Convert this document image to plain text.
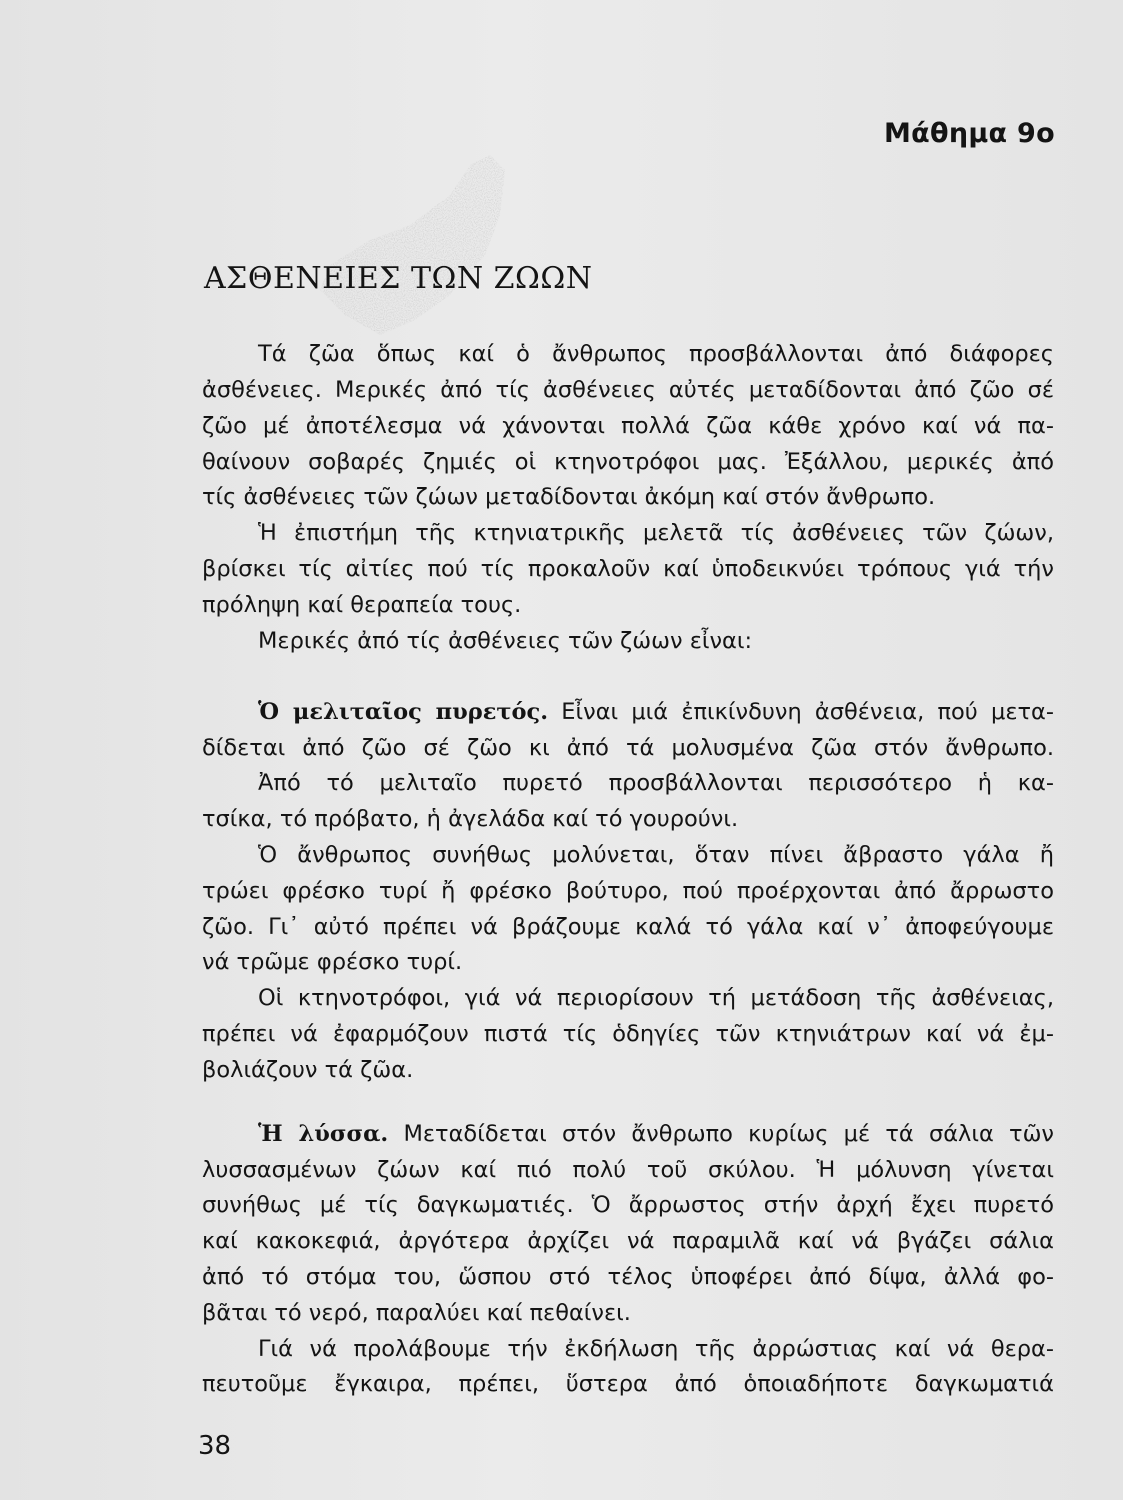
Μάθημα 9ο
ΑΣΘΕΝΕΙΕΣ ΤΩΝ ΖΩΩΝ
Τά ζῶα ὅπως καί ὁ ἄνθρωπος προσβάλλονται ἀπό διάφορες
ἀσθένειες. Μερικές ἀπό τίς ἀσθένειες αὐτές μεταδίδονται ἀπό ζῶο σέ
ζῶο μέ ἀποτέλεσμα νά χάνονται πολλά ζῶα κάθε χρόνο καί νά πα-
θαίνουν σοβαρές ζημιές οἱ κτηνοτρόφοι μας. Ἐξάλλου, μερικές ἀπό
τίς ἀσθένειες τῶν ζώων μεταδίδονται ἀκόμη καί στόν ἄνθρωπο.
Ἡ ἐπιστήμη τῆς κτηνιατρικῆς μελετᾶ τίς ἀσθένειες τῶν ζώων,
βρίσκει τίς αἰτίες πού τίς προκαλοῦν καί ὑποδεικνύει τρόπους γιά τήν
πρόληψη καί θεραπεία τους.
Μερικές ἀπό τίς ἀσθένειες τῶν ζώων εἶναι:
Ὁ μελιταῖος πυρετός. Εἶναι μιά ἐπικίνδυνη ἀσθένεια, πού μετα-
δίδεται ἀπό ζῶο σέ ζῶο κι ἀπό τά μολυσμένα ζῶα στόν ἄνθρωπο.
Ἀπό τό μελιταῖο πυρετό προσβάλλονται περισσότερο ἡ κα-
τσίκα, τό πρόβατο, ἡ ἀγελάδα καί τό γουρούνι.
Ὁ ἄνθρωπος συνήθως μολύνεται, ὅταν πίνει ἄβραστο γάλα ἤ
τρώει φρέσκο τυρί ἤ φρέσκο βούτυρο, πού προέρχονται ἀπό ἄρρωστο
ζῶο. Γι᾽ αὐτό πρέπει νά βράζουμε καλά τό γάλα καί ν᾽ ἀποφεύγουμε
νά τρῶμε φρέσκο τυρί.
Οἱ κτηνοτρόφοι, γιά νά περιορίσουν τή μετάδοση τῆς ἀσθένειας,
πρέπει νά ἐφαρμόζουν πιστά τίς ὁδηγίες τῶν κτηνιάτρων καί νά ἐμ-
βολιάζουν τά ζῶα.
Ἡ λύσσα. Μεταδίδεται στόν ἄνθρωπο κυρίως μέ τά σάλια τῶν
λυσσασμένων ζώων καί πιό πολύ τοῦ σκύλου. Ἡ μόλυνση γίνεται
συνήθως μέ τίς δαγκωματιές. Ὁ ἄρρωστος στήν ἀρχή ἔχει πυρετό
καί κακοκεφιά, ἀργότερα ἀρχίζει νά παραμιλᾶ καί νά βγάζει σάλια
ἀπό τό στόμα του, ὥσπου στό τέλος ὑποφέρει ἀπό δίψα, ἀλλά φο-
βᾶται τό νερό, παραλύει καί πεθαίνει.
Γιά νά προλάβουμε τήν ἐκδήλωση τῆς ἀρρώστιας καί νά θερα-
πευτοῦμε ἔγκαιρα, πρέπει, ὕστερα ἀπό ὁποιαδήποτε δαγκωματιά
38
